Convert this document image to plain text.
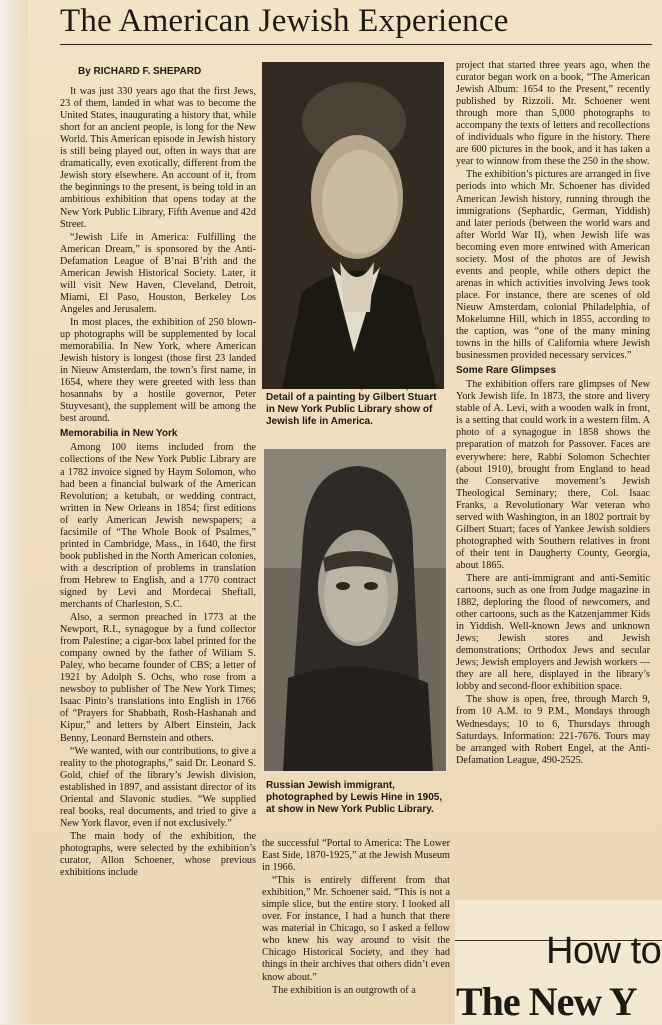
The American Jewish Experience

By RICHARD F. SHEPARD

It was just 330 years ago that the first Jews, 23 of them, landed in what was to become the United States, inaugurating a history that, while short for an ancient people, is long for the New World. This American episode in Jewish history is still being played out, often in ways that are dramatically, even exotically, different from the Jewish story elsewhere. An account of it, from the beginnings to the present, is being told in an ambitious exhibition that opens today at the New York Public Library, Fifth Avenue and 42d Street.

“Jewish Life in America: Fulfilling the American Dream,” is sponsored by the Anti-Defamation League of B’nai B’rith and the American Jewish Historical Society. Later, it will visit New Haven, Cleveland, Detroit, Miami, El Paso, Houston, Berkeley Los Angeles and Jerusalem.

In most places, the exhibition of 250 blown-up photographs will be supplemented by local memorabilia. In New York, where American Jewish history is longest (those first 23 landed in Nieuw Amsterdam, the town’s first name, in 1654, where they were greeted with less than hosannahs by a hostile governor, Peter Stuyvesant), the supplement will be among the best around.

Memorabilia in New York

Among 100 items included from the collections of the New York Public Library are a 1782 invoice signed by Haym Solomon, who had been a financial bulwark of the American Revolution; a ketubah, or wedding contract, written in New Orleans in 1854; first editions of early American Jewish newspapers; a facsimile of “The Whole Book of Psalmes,” printed in Cambridge, Mass., in 1640, the first book published in the North American colonies, with a description of problems in translation from Hebrew to English, and a 1770 contract signed by Levi and Mordecai Sheftall, merchants of Charleston, S.C.

Also, a sermon preached in 1773 at the Newport, R.I., synagogue by a fund collector from Palestine; a cigar-box label printed for the company owned by the father of Wiliam S. Paley, who became founder of CBS; a letter of 1921 by Adolph S. Ochs, who rose from a newsboy to publisher of The New York Times; Isaac Pinto’s translations into English in 1766 of “Prayers for Shabbath, Rosh-Hashanah and Kipur,” and letters by Albert Einstein, Jack Benny, Leonard Bernstein and others.

“We wanted, with our contributions, to give a reality to the photographs,” said Dr. Leonard S. Gold, chief of the library’s Jewish division, established in 1897, and assistant director of its Oriental and Slavonic studies. “We supplied real books, real documents, and tried to give a New York flavor, even if not exclusively.”

The main body of the exhibition, the photographs, were selected by the exhibition’s curator, Allon Schoener, whose previous exhibitions include

Pennsylvania Academy of Fine Arts
Detail of a painting by Gilbert Stuart in New York Public Library show of Jewish life in America.
Russian Jewish immigrant, photographed by Lewis Hine in 1905, at show in New York Public Library.

the successful “Portal to America: The Lower East Side, 1870-1925,” at the Jewish Museum in 1966.

“This is entirely different from that exhibition,” Mr. Schoener said. “This is not a simple slice, but the entire story. I looked all over. For instance, I had a hunch that there was material in Chicago, so I asked a fellow who knew his way around to visit the Chicago Historical Society, and they had things in their archives that others didn’t even know about.”

The exhibition is an outgrowth of a

project that started three years ago, when the curator began work on a book, “The American Jewish Album: 1654 to the Present,” recently published by Rizzoli. Mr. Schoener went through more than 5,000 photographs to accompany the texts of letters and recollections of individuals who figure in the history. There are 600 pictures in the book, and it has taken a year to winnow from these the 250 in the show.

The exhibition’s pictures are arranged in five periods into which Mr. Schoener has divided American Jewish history, running through the immigrations (Sephardic, German, Yiddish) and later periods (between the world wars and after World War II), when Jewish life was becoming even more entwined with American society. Most of the photos are of Jewish events and people, while others depict the arenas in which activities involving Jews took place. For instance, there are scenes of old Nieuw Amsterdam, colonial Philadelphia, of Mokelumne Hill, which in 1855, according to the caption, was “one of the many mining towns in the hills of California where Jewish businessmen provided necessary services.”

Some Rare Glimpses

The exhibition offers rare glimpses of New York Jewish life. In 1873, the store and livery stable of A. Levi, with a wooden walk in front, is a setting that could work in a western film. A photo of a synagogue in 1858 shows the preparation of matzoh for Passover. Faces are everywhere: here, Rabbi Solomon Schechter (about 1910), brought from England to head the Conservative movement’s Jewish Theological Seminary; there, Col. Isaac Franks, a Revolutionary War veteran who served with Washington, in an 1802 portrait by Gilbert Stuart; faces of Yankee Jewish soldiers photographed with Southern relatives in front of their tent in Daugherty County, Georgia, about 1865.

There are anti-immigrant and anti-Semitic cartoons, such as one from Judge magazine in 1882, deploring the flood of newcomers, and other cartoons, such as the Katzenjammer Kids in Yiddish. Well-known Jews and unknown Jews; Jewish stores and Jewish demonstrations; Orthodox Jews and secular Jews; Jewish employers and Jewish workers — they are all here, displayed in the library’s lobby and second-floor exhibition space.

The show is open, free, through March 9, from 10 A.M. to 9 P.M., Mondays through Wednesdays; 10 to 6, Thursdays through Saturdays. Information: 221-7676. Tours may be arranged with Robert Engel, at the Anti-Defamation League, 490-2525.

How to
The New Y
